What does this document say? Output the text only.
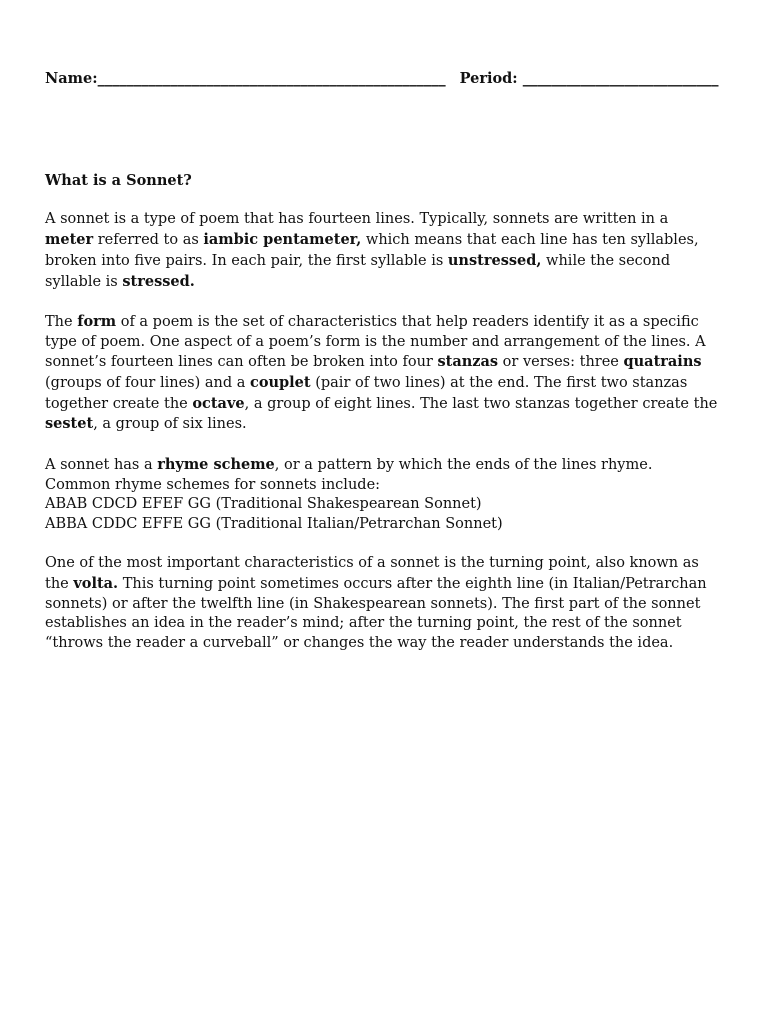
Name:________________________________________________ Period: ___________________________
What is a Sonnet?
A sonnet is a type of poem that has fourteen lines. Typically, sonnets are written in a
meter referred to as iambic pentameter, which means that each line has ten syllables,
broken into five pairs. In each pair, the first syllable is unstressed, while the second
syllable is stressed.
The form of a poem is the set of characteristics that help readers identify it as a specific
type of poem. One aspect of a poem’s form is the number and arrangement of the lines. A
sonnet’s fourteen lines can often be broken into four stanzas or verses: three quatrains
(groups of four lines) and a couplet (pair of two lines) at the end. The first two stanzas
together create the octave, a group of eight lines. The last two stanzas together create the
sestet, a group of six lines.
A sonnet has a rhyme scheme, or a pattern by which the ends of the lines rhyme.
Common rhyme schemes for sonnets include:
ABAB CDCD EFEF GG (Traditional Shakespearean Sonnet)
ABBA CDDC EFFE GG (Traditional Italian/Petrarchan Sonnet)
One of the most important characteristics of a sonnet is the turning point, also known as
the volta. This turning point sometimes occurs after the eighth line (in Italian/Petrarchan
sonnets) or after the twelfth line (in Shakespearean sonnets). The first part of the sonnet
establishes an idea in the reader’s mind; after the turning point, the rest of the sonnet
“throws the reader a curveball” or changes the way the reader understands the idea.
